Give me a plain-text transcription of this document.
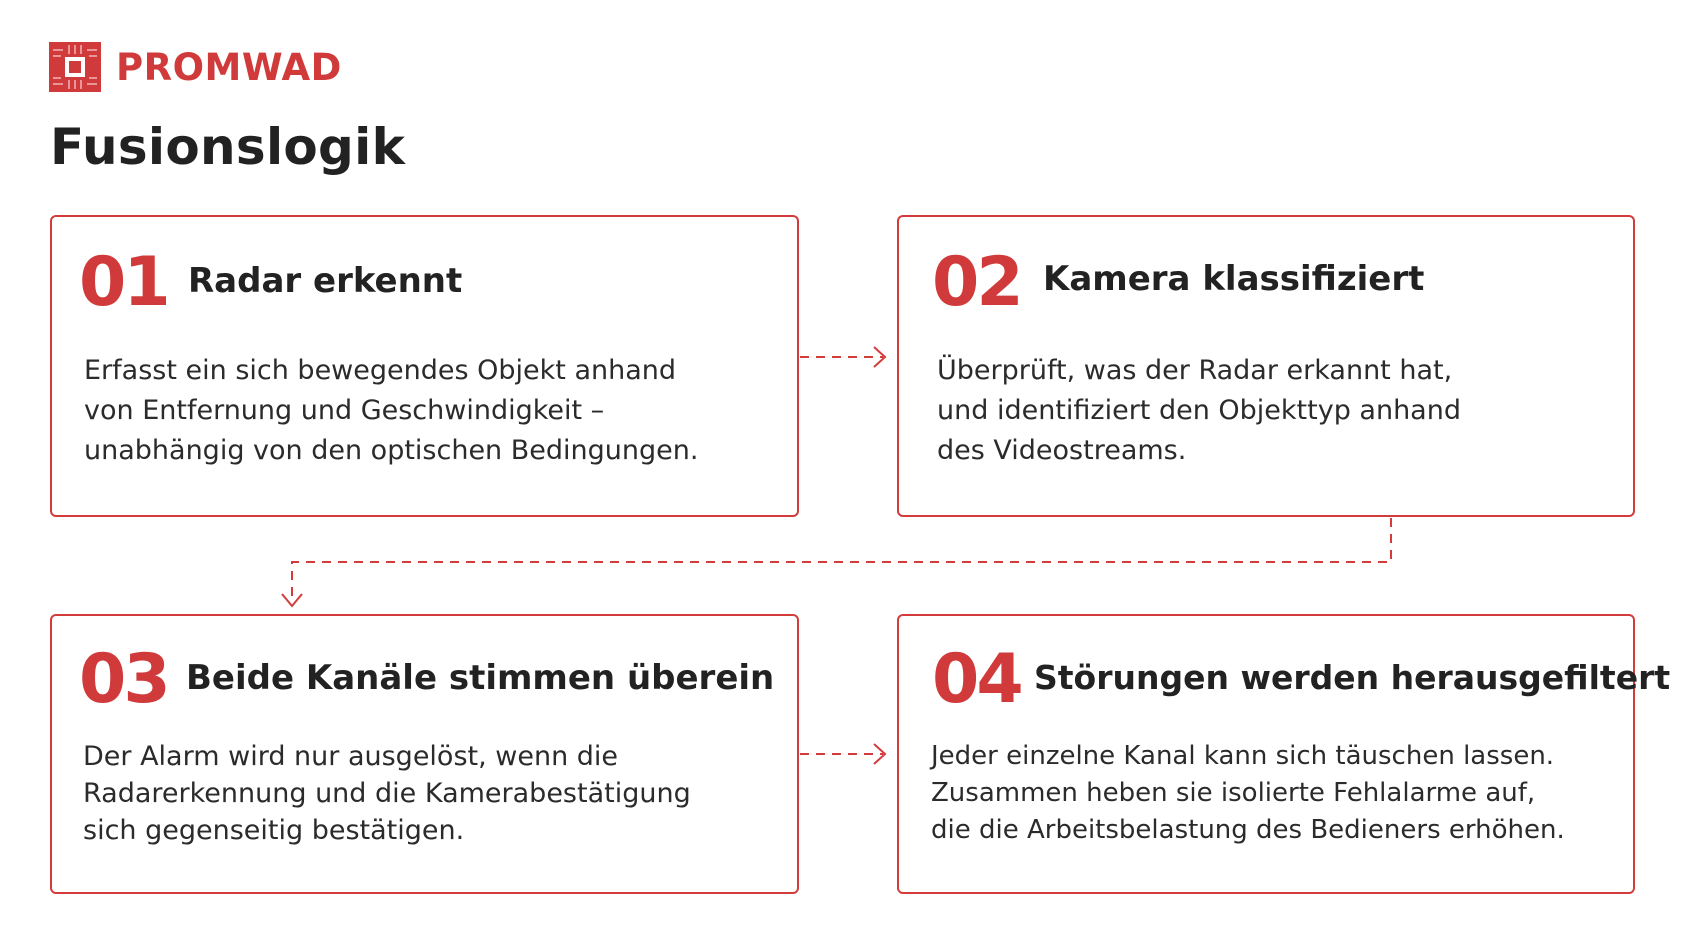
PROMWAD
Fusionslogik
01 Radar erkennt

Erfasst ein sich bewegendes Objekt anhand
von Entfernung und Geschwindigkeit –
unabhängig von den optischen Bedingungen.

02 Kamera klassifiziert

Überprüft, was der Radar erkannt hat,
und identifiziert den Objekttyp anhand
des Videostreams.

03 Beide Kanäle stimmen überein

Der Alarm wird nur ausgelöst, wenn die
Radarerkennung und die Kamerabestätigung
sich gegenseitig bestätigen.

04 Störungen werden herausgefiltert

Jeder einzelne Kanal kann sich täuschen lassen.
Zusammen heben sie isolierte Fehlalarme auf,
die die Arbeitsbelastung des Bedieners erhöhen.
